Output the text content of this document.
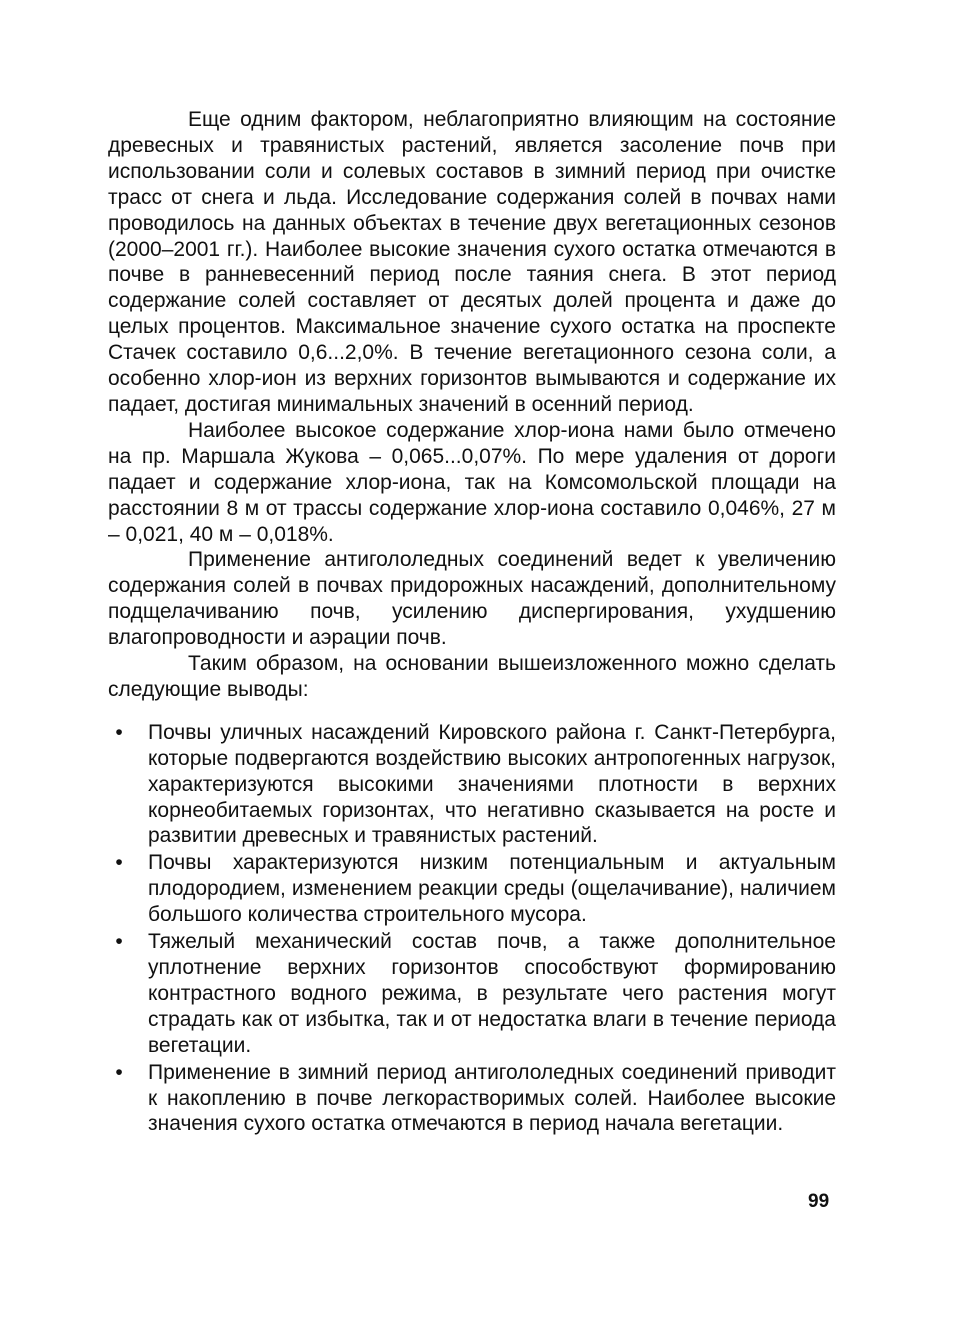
Еще одним фактором, неблагоприятно влияющим на состояние древесных и травянистых растений, является засоление почв при использовании соли и солевых составов в зимний период при очистке трасс от снега и льда. Исследование содержания солей в почвах нами проводилось на данных объектах в течение двух вегетационных сезонов (2000–2001 гг.). Наиболее высокие значения сухого остатка отмечаются в почве в ранневесенний период после таяния снега. В этот период содержание солей составляет от десятых долей процента и даже до целых процентов. Максимальное значение сухого остатка на проспекте Стачек составило 0,6...2,0%. В течение вегетационного сезона соли, а особенно хлор-ион из верхних горизонтов вымываются и содержание их падает, достигая минимальных значений в осенний период.

Наиболее высокое содержание хлор-иона нами было отмечено на пр. Маршала Жукова – 0,065...0,07%. По мере удаления от дороги падает и содержание хлор-иона, так на Комсомольской площади на расстоянии 8 м от трассы содержание хлор-иона составило 0,046%, 27 м – 0,021, 40 м – 0,018%.

Применение антигололедных соединений ведет к увеличению содержания солей в почвах придорожных насаждений, дополнительному подщелачиванию почв, усилению диспергирования, ухудшению влагопроводности и аэрации почв.

Таким образом, на основании вышеизложенного можно сделать следующие выводы:

• Почвы уличных насаждений Кировского района г. Санкт-Петербурга, которые подвергаются воздействию высоких антропогенных нагрузок, характеризуются высокими значениями плотности в верхних корнеобитаемых горизонтах, что негативно сказывается на росте и развитии древесных и травянистых растений.
• Почвы характеризуются низким потенциальным и актуальным плодородием, изменением реакции среды (ощелачивание), наличием большого количества строительного мусора.
• Тяжелый механический состав почв, а также дополнительное уплотнение верхних горизонтов способствуют формированию контрастного водного режима, в результате чего растения могут страдать как от избытка, так и от недостатка влаги в течение периода вегетации.
• Применение в зимний период антигололедных соединений приводит к накоплению в почве легкорастворимых солей. Наиболее высокие значения сухого остатка отмечаются в период начала вегетации.
99
